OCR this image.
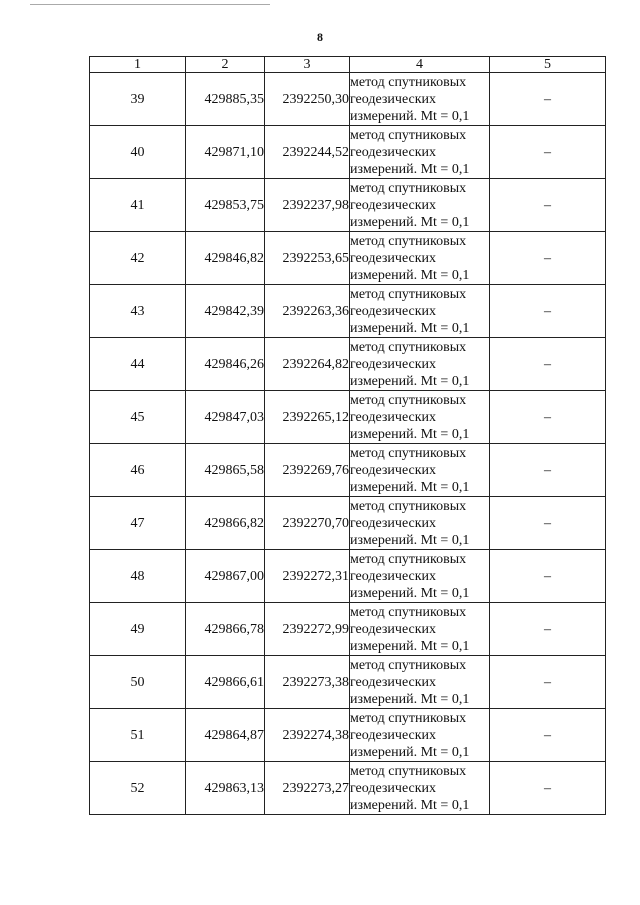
8
1	2	3	4	5
39	429885,35	2392250,30	метод спутниковых
геодезических
измерений. Mt = 0,1	–
40	429871,10	2392244,52	метод спутниковых
геодезических
измерений. Mt = 0,1	–
41	429853,75	2392237,98	метод спутниковых
геодезических
измерений. Mt = 0,1	–
42	429846,82	2392253,65	метод спутниковых
геодезических
измерений. Mt = 0,1	–
43	429842,39	2392263,36	метод спутниковых
геодезических
измерений. Mt = 0,1	–
44	429846,26	2392264,82	метод спутниковых
геодезических
измерений. Mt = 0,1	–
45	429847,03	2392265,12	метод спутниковых
геодезических
измерений. Mt = 0,1	–
46	429865,58	2392269,76	метод спутниковых
геодезических
измерений. Mt = 0,1	–
47	429866,82	2392270,70	метод спутниковых
геодезических
измерений. Mt = 0,1	–
48	429867,00	2392272,31	метод спутниковых
геодезических
измерений. Mt = 0,1	–
49	429866,78	2392272,99	метод спутниковых
геодезических
измерений. Mt = 0,1	–
50	429866,61	2392273,38	метод спутниковых
геодезических
измерений. Mt = 0,1	–
51	429864,87	2392274,38	метод спутниковых
геодезических
измерений. Mt = 0,1	–
52	429863,13	2392273,27	метод спутниковых
геодезических
измерений. Mt = 0,1	–
